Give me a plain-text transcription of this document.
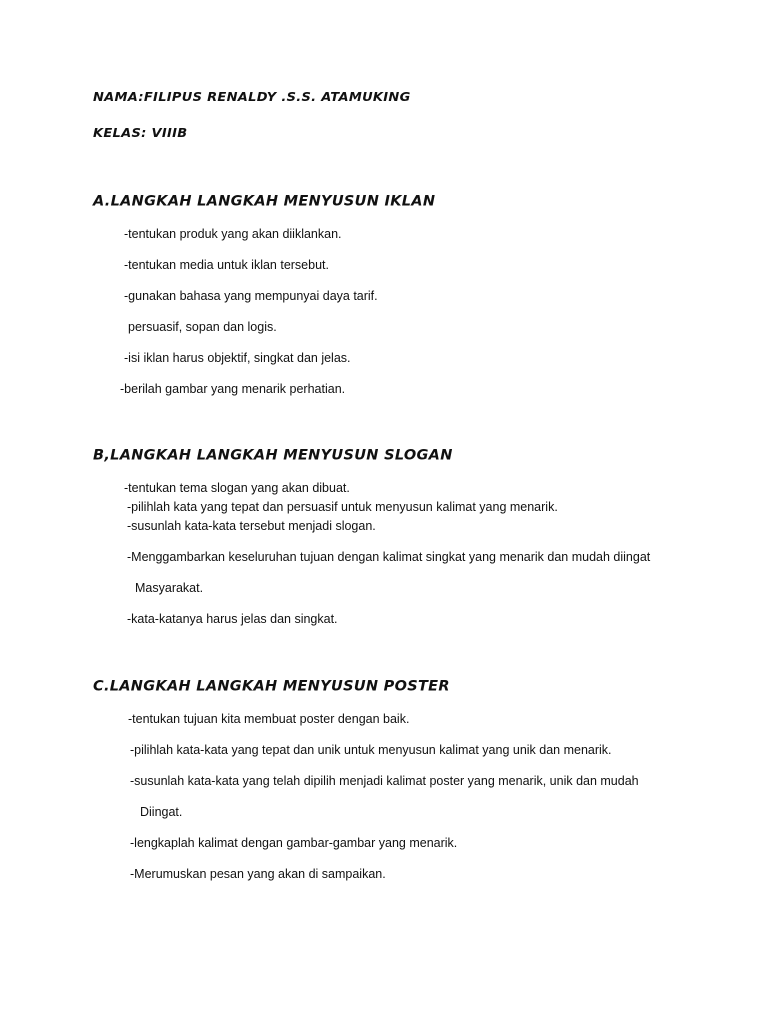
NAMA:FILIPUS RENALDY .S.S. ATAMUKING
KELAS: VIIIB
A.LANGKAH LANGKAH MENYUSUN IKLAN
-tentukan produk yang akan diiklankan.
-tentukan media untuk iklan tersebut.
-gunakan bahasa yang mempunyai daya tarif.
persuasif, sopan dan logis.
-isi iklan harus objektif, singkat dan jelas.
-berilah gambar yang menarik perhatian.
B,LANGKAH LANGKAH MENYUSUN SLOGAN
-tentukan tema slogan yang akan dibuat.
-pilihlah kata yang tepat dan persuasif untuk menyusun kalimat yang menarik.
-susunlah kata-kata tersebut menjadi slogan.
-Menggambarkan keseluruhan tujuan dengan kalimat singkat yang menarik dan mudah diingat
Masyarakat.
-kata-katanya harus jelas dan singkat.
C.LANGKAH LANGKAH MENYUSUN POSTER
-tentukan tujuan kita membuat poster dengan baik.
-pilihlah kata-kata yang tepat dan unik untuk menyusun kalimat yang unik dan menarik.
-susunlah kata-kata yang telah dipilih menjadi kalimat poster yang menarik, unik dan mudah
Diingat.
-lengkaplah kalimat dengan gambar-gambar yang menarik.
-Merumuskan pesan yang akan di sampaikan.
